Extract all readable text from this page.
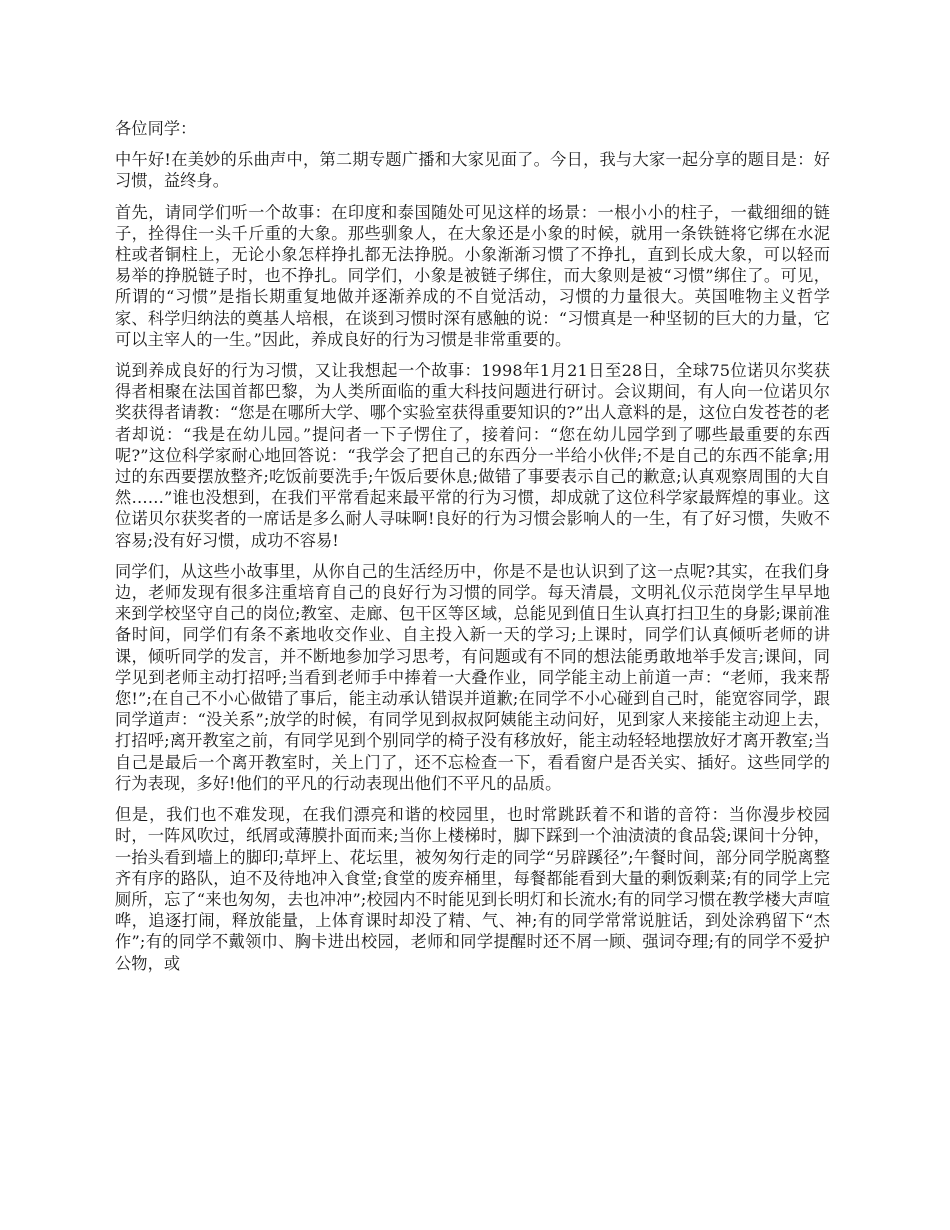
各位同学：

中午好!在美妙的乐曲声中，第二期专题广播和大家见面了。今日，我与大家一起分享的题目是：好习惯，益终身。

首先，请同学们听一个故事：在印度和泰国随处可见这样的场景：一根小小的柱子，一截细细的链子，拴得住一头千斤重的大象。那些驯象人，在大象还是小象的时候，就用一条铁链将它绑在水泥柱或者铜柱上，无论小象怎样挣扎都无法挣脱。小象渐渐习惯了不挣扎，直到长成大象，可以轻而易举的挣脱链子时，也不挣扎。同学们，小象是被链子绑住，而大象则是被“习惯”绑住了。可见，所谓的“习惯”是指长期重复地做并逐渐养成的不自觉活动，习惯的力量很大。英国唯物主义哲学家、科学归纳法的奠基人培根，在谈到习惯时深有感触的说：“习惯真是一种坚韧的巨大的力量，它可以主宰人的一生。”因此，养成良好的行为习惯是非常重要的。

说到养成良好的行为习惯，又让我想起一个故事：1998年1月21日至28日，全球75位诺贝尔奖获得者相聚在法国首都巴黎，为人类所面临的重大科技问题进行研讨。会议期间，有人向一位诺贝尔奖获得者请教：“您是在哪所大学、哪个实验室获得重要知识的?”出人意料的是，这位白发苍苍的老者却说：“我是在幼儿园。”提问者一下子愣住了，接着问：“您在幼儿园学到了哪些最重要的东西呢?”这位科学家耐心地回答说：“我学会了把自己的东西分一半给小伙伴;不是自己的东西不能拿;用过的东西要摆放整齐;吃饭前要洗手;午饭后要休息;做错了事要表示自己的歉意;认真观察周围的大自然……”谁也没想到，在我们平常看起来最平常的行为习惯，却成就了这位科学家最辉煌的事业。这位诺贝尔获奖者的一席话是多么耐人寻味啊!良好的行为习惯会影响人的一生，有了好习惯，失败不容易;没有好习惯，成功不容易!

同学们，从这些小故事里，从你自己的生活经历中，你是不是也认识到了这一点呢?其实，在我们身边，老师发现有很多注重培育自己的良好行为习惯的同学。每天清晨，文明礼仪示范岗学生早早地来到学校坚守自己的岗位;教室、走廊、包干区等区域，总能见到值日生认真打扫卫生的身影;课前准备时间，同学们有条不紊地收交作业、自主投入新一天的学习;上课时，同学们认真倾听老师的讲课，倾听同学的发言，并不断地参加学习思考，有问题或有不同的想法能勇敢地举手发言;课间，同学见到老师主动打招呼;当看到老师手中捧着一大叠作业，同学能主动上前道一声：“老师，我来帮您!”;在自己不小心做错了事后，能主动承认错误并道歉;在同学不小心碰到自己时，能宽容同学，跟同学道声：“没关系”;放学的时候，有同学见到叔叔阿姨能主动问好，见到家人来接能主动迎上去，打招呼;离开教室之前，有同学见到个别同学的椅子没有移放好，能主动轻轻地摆放好才离开教室;当自己是最后一个离开教室时，关上门了，还不忘检查一下，看看窗户是否关实、插好。这些同学的行为表现，多好!他们的平凡的行动表现出他们不平凡的品质。

但是，我们也不难发现，在我们漂亮和谐的校园里，也时常跳跃着不和谐的音符：当你漫步校园时，一阵风吹过，纸屑或薄膜扑面而来;当你上楼梯时，脚下踩到一个油渍渍的食品袋;课间十分钟，一抬头看到墙上的脚印;草坪上、花坛里，被匆匆行走的同学“另辟蹊径”;午餐时间，部分同学脱离整齐有序的路队，迫不及待地冲入食堂;食堂的废弃桶里，每餐都能看到大量的剩饭剩菜;有的同学上完厕所，忘了“来也匆匆，去也冲冲”;校园内不时能见到长明灯和长流水;有的同学习惯在教学楼大声喧哗，追逐打闹，释放能量，上体育课时却没了精、气、神;有的同学常常说脏话，到处涂鸦留下“杰作”;有的同学不戴领巾、胸卡进出校园，老师和同学提醒时还不屑一顾、强词夺理;有的同学不爱护公物，或
